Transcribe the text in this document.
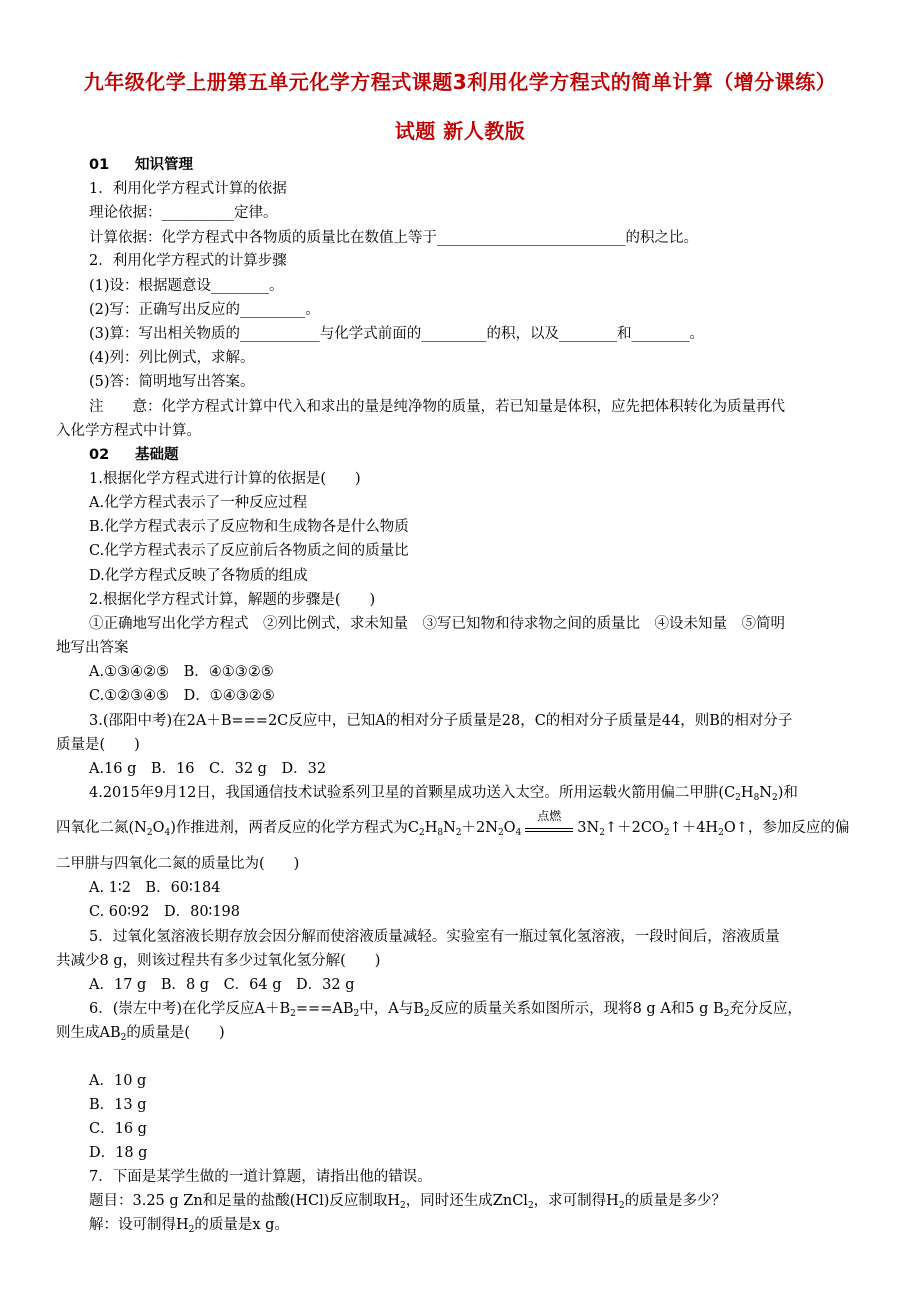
九年级化学上册第五单元化学方程式课题3利用化学方程式的简单计算（增分课练）
试题 新人教版
01 知识管理
1．利用化学方程式计算的依据
理论依据：__________定律。
计算依据：化学方程式中各物质的质量比在数值上等于__________________________的积之比。
2．利用化学方程式的计算步骤
(1)设：根据题意设________。
(2)写：正确写出反应的_________。
(3)算：写出相关物质的___________与化学式前面的_________的积，以及________和________。
(4)列：列比例式，求解。
(5)答：简明地写出答案。
注　　意：化学方程式计算中代入和求出的量是纯净物的质量，若已知量是体积，应先把体积转化为质量再代
入化学方程式中计算。
02 基础题
1.根据化学方程式进行计算的依据是(　　)
A.化学方程式表示了一种反应过程
B.化学方程式表示了反应物和生成物各是什么物质
C.化学方程式表示了反应前后各物质之间的质量比
D.化学方程式反映了各物质的组成
2.根据化学方程式计算，解题的步骤是(　　)
①正确地写出化学方程式　②列比例式，求未知量　③写已知物和待求物之间的质量比　④设未知量　⑤简明
地写出答案
A.①③④②⑤　B．④①③②⑤
C.①②③④⑤　D．①④③②⑤
3.(邵阳中考)在2A＋B===2C反应中，已知A的相对分子质量是28，C的相对分子质量是44，则B的相对分子
质量是(　　)
A.16 g　B．16　C．32 g　D．32
4.2015年9月12日，我国通信技术试验系列卫星的首颗星成功送入太空。所用运载火箭用偏二甲肼$(C_2H_8N_2)$和
四氧化二氮$(N_2O_4)$作推进剂，两者反应的化学方程式为$C_2H_8N_2+2N_2O_4$
点燃
$3N_2↑+2CO_2↑+4H_2O↑$，参加反应的偏
二甲肼与四氧化二氮的质量比为(　　)
A. 1∶2　B．60∶184
C. 60∶92　D．80∶198
5．过氧化氢溶液长期存放会因分解而使溶液质量减轻。实验室有一瓶过氧化氢溶液，一段时间后，溶液质量
共减少8 g，则该过程共有多少过氧化氢分解(　　)
A．17 g　B．8 g　C．64 g　D．32 g
6．(崇左中考)在化学反应$A+B_2===AB_2$中，A与$B_2$反应的质量关系如图所示，现将8 g A和5 g $B_2$充分反应，
则生成$AB_2$的质量是(　　)
A．10 g
B．13 g
C．16 g
D．18 g
7．下面是某学生做的一道计算题，请指出他的错误。
题目：3.25 g Zn和足量的盐酸(HCl)反应制取$H_2$，同时还生成ZnCl$_2$，求可制得$H_2$的质量是多少？
解：设可制得$H_2$的质量是x g。
